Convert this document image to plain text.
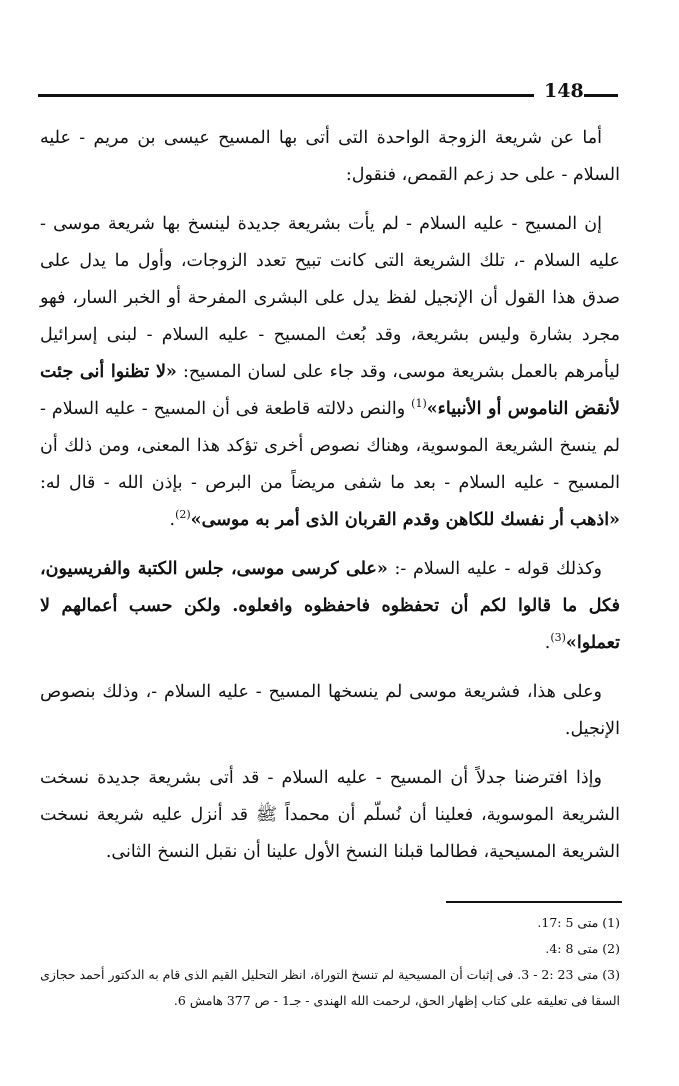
148

أما عن شريعة الزوجة الواحدة التى أتى بها المسيح عيسى بن مريم - عليه السلام - على حد زعم القمص، فنقول:

إن المسيح - عليه السلام - لم يأت بشريعة جديدة لينسخ بها شريعة موسى - عليه السلام -، تلك الشريعة التى كانت تبيح تعدد الزوجات، وأول ما يدل على صدق هذا القول أن الإنجيل لفظ يدل على البشرى المفرحة أو الخبر السار، فهو مجرد بشارة وليس بشريعة، وقد بُعث المسيح - عليه السلام - لبنى إسرائيل ليأمرهم بالعمل بشريعة موسى، وقد جاء على لسان المسيح: «لا تظنوا أنى جئت لأنقض الناموس أو الأنبياء»$^{(1)}$ والنص دلالته قاطعة فى أن المسيح - عليه السلام - لم ينسخ الشريعة الموسوية، وهناك نصوص أخرى تؤكد هذا المعنى، ومن ذلك أن المسيح - عليه السلام - بعد ما شفى مريضاً من البرص - بإذن الله - قال له: «اذهب أر نفسك للكاهن وقدم القربان الذى أمر به موسى»$^{(2)}$.

وكذلك قوله - عليه السلام -: «على كرسى موسى، جلس الكتبة والفريسيون، فكل ما قالوا لكم أن تحفظوه فاحفظوه وافعلوه. ولكن حسب أعمالهم لا تعملوا»$^{(3)}$.

وعلى هذا، فشريعة موسى لم ينسخها المسيح - عليه السلام -، وذلك بنصوص الإنجيل.

وإذا افترضنا جدلاً أن المسيح - عليه السلام - قد أتى بشريعة جديدة نسخت الشريعة الموسوية، فعلينا أن نُسلّم أن محمداً ﷺ قد أنزل عليه شريعة نسخت الشريعة المسيحية، فطالما قبلنا النسخ الأول علينا أن نقبل النسخ الثانى.

(1) متى 5 :17.

(2) متى 8 :4.

(3) متى 23 :2 - 3. فى إثبات أن المسيحية لم تنسخ التوراة، انظر التحليل القيم الذى قام به الدكتور أحمد حجازى السقا فى تعليقه على كتاب إظهار الحق، لرحمت الله الهندى - جـ1 - ص 377 هامش 6.
